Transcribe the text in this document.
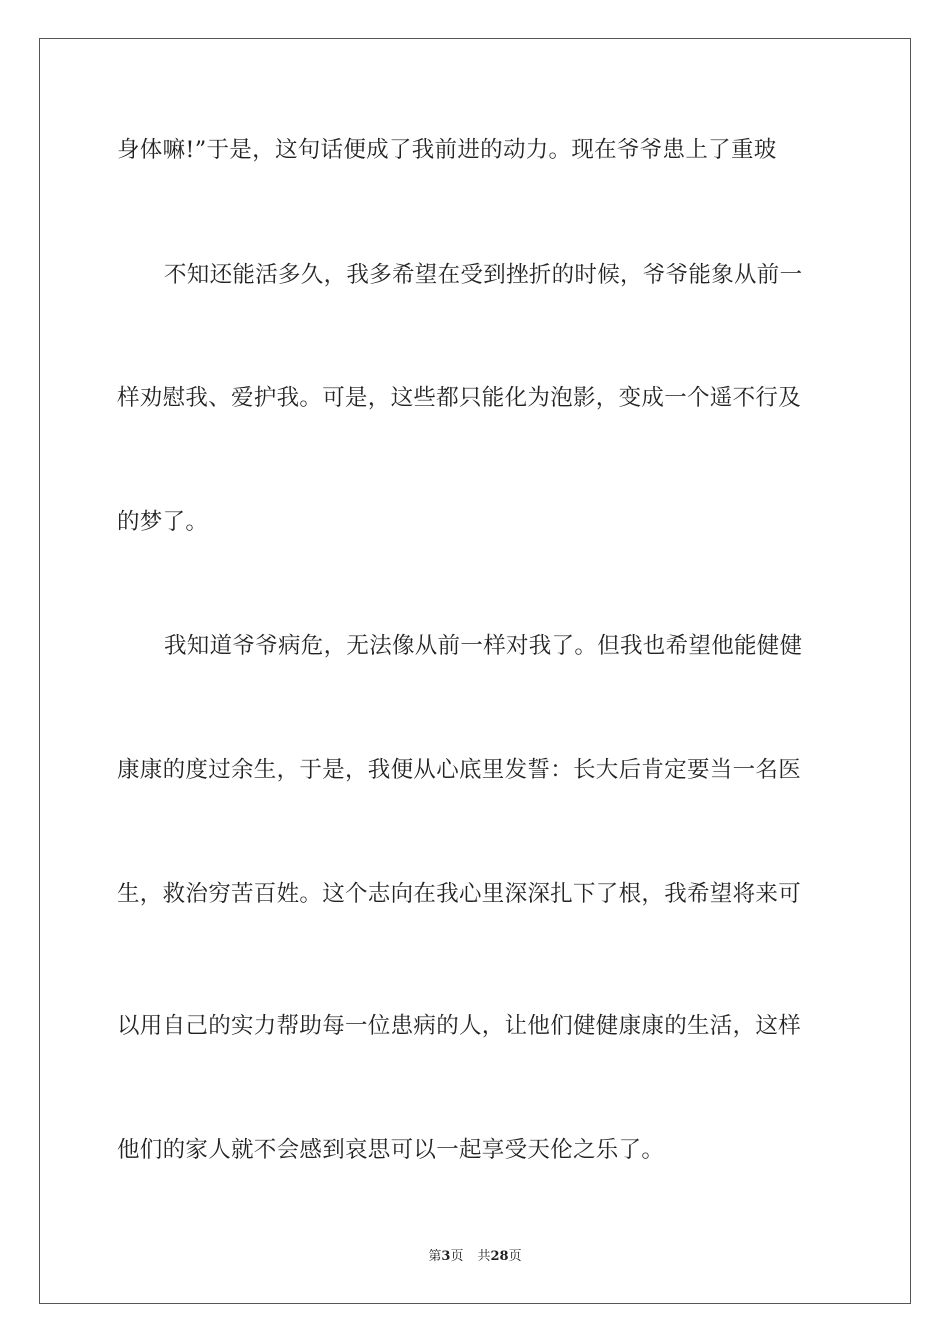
身体嘛!”于是，这句话便成了我前进的动力。现在爷爷患上了重玻
不知还能活多久，我多希望在受到挫折的时候，爷爷能象从前一
样劝慰我、爱护我。可是，这些都只能化为泡影，变成一个遥不行及
的梦了。
我知道爷爷病危，无法像从前一样对我了。但我也希望他能健健
康康的度过余生，于是，我便从心底里发誓：长大后肯定要当一名医
生，救治穷苦百姓。这个志向在我心里深深扎下了根，我希望将来可
以用自己的实力帮助每一位患病的人，让他们健健康康的生活，这样
他们的家人就不会感到哀思可以一起享受天伦之乐了。
第3页 共28页
